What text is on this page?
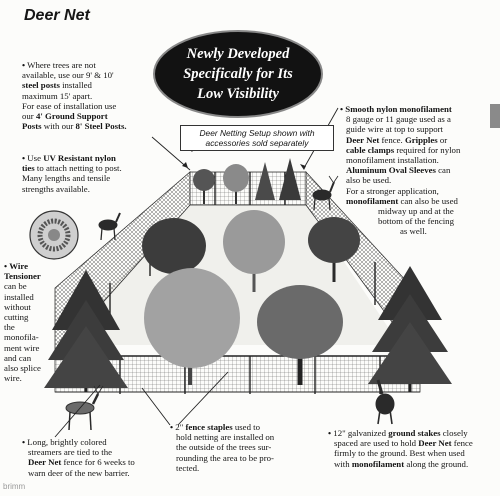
Deer Net
Newly Developed
Specifically for Its
Low Visibility
Deer Netting Setup shown with
accessories sold separately
• Where trees are not
available, use our 9' & 10'
steel posts installed
maximum 15' apart.
For ease of installation use
our 4' Ground Support
Posts with our 8' Steel Posts.
• Use UV Resistant nylon
ties to attach netting to post.
Many lengths and tensile
strengths available.
• Wire
Tensioner
can be
installed
without
cutting
the
monofila-
ment wire
and can
also splice
wire.
• Smooth nylon monofilament
8 gauge or 11 gauge used as a
guide wire at top to support
Deer Net fence. Gripples or
cable clamps required for nylon
monofilament installation.
Aluminum Oval Sleeves can
also be used.
For a stronger application,
monofilament can also be used
midway up and at the
bottom of the fencing
as well.
• Long, brightly colored
streamers are tied to the
Deer Net fence for 6 weeks to
warn deer of the new barrier.
• 2" fence staples used to
hold netting are installed on
the outside of the trees sur-
rounding the area to be pro-
tected.
• 12" galvanized ground stakes closely
spaced are used to hold Deer Net fence
firmly to the ground. Best when used
with monofilament along the ground.
brimm
